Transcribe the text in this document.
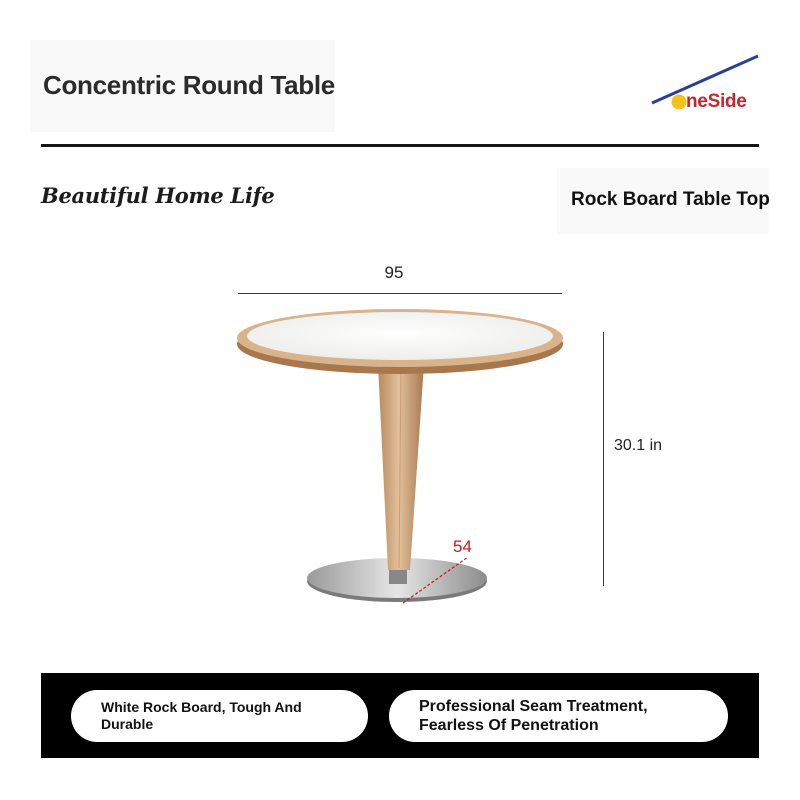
Concentric Round Table
neSide
Beautiful Home Life	Rock Board Table Top
95
30.1 in
54
White Rock Board, Tough And
Durable
Professional Seam Treatment,
Fearless Of Penetration
